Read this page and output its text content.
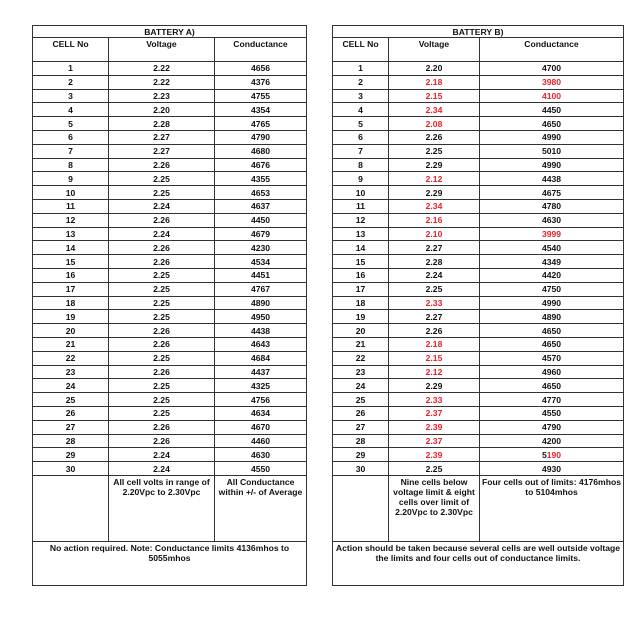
BATTERY A)		
CELL No	Voltage	Conductance
1	2.22	4656
2	2.22	4376
3	2.23	4755
4	2.20	4354
5	2.28	4765
6	2.27	4790
7	2.27	4680
8	2.26	4676
9	2.25	4355
10	2.25	4653
11	2.24	4637
12	2.26	4450
13	2.24	4679
14	2.26	4230
15	2.26	4534
16	2.25	4451
17	2.25	4767
18	2.25	4890
19	2.25	4950
20	2.26	4438
21	2.26	4643
22	2.25	4684
23	2.26	4437
24	2.25	4325
25	2.25	4756
26	2.25	4634
27	2.26	4670
28	2.26	4460
29	2.24	4630
30	2.24	4550
	All cell volts in range of 2.20Vpc to 2.30Vpc	All Conductance within +/- of Average
No action required. Note: Conductance limits 4136mhos to 5055mhos		
BATTERY B)		
CELL No	Voltage	Conductance
1	2.20	4700
2	2.18	3980
3	2.15	4100
4	2.34	4450
5	2.08	4650
6	2.26	4990
7	2.25	5010
8	2.29	4990
9	2.12	4438
10	2.29	4675
11	2.34	4780
12	2.16	4630
13	2.10	3999
14	2.27	4540
15	2.28	4349
16	2.24	4420
17	2.25	4750
18	2.33	4990
19	2.27	4890
20	2.26	4650
21	2.18	4650
22	2.15	4570
23	2.12	4960
24	2.29	4650
25	2.33	4770
26	2.37	4550
27	2.39	4790
28	2.37	4200
29	2.39	5190
30	2.25	4930
	Nine cells below voltage limit & eight cells over limit of 2.20Vpc to 2.30Vpc	Four cells out of limits: 4176mhos to 5104mhos
Action should be taken because several cells are well outside voltage the limits and four cells out of conductance limits.		
